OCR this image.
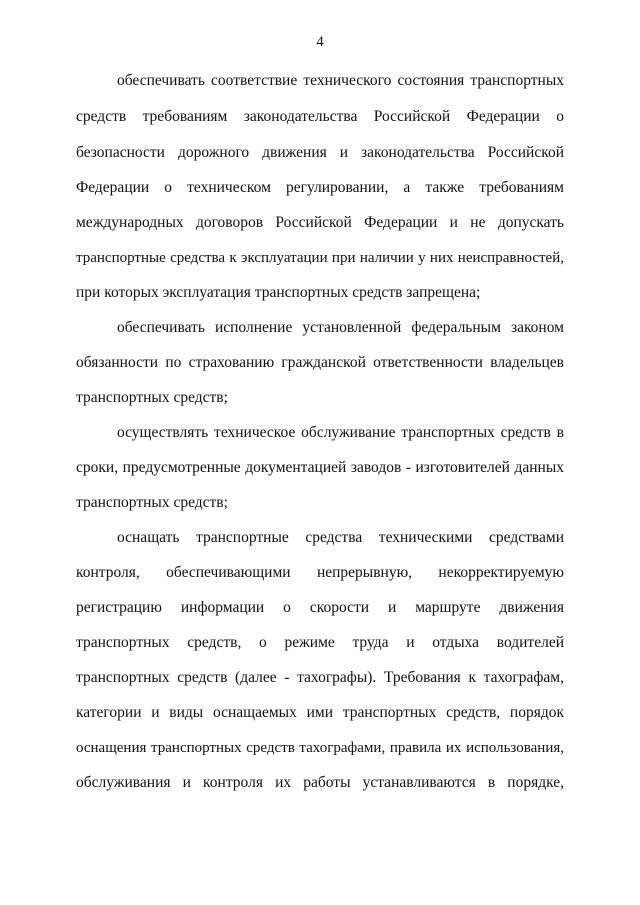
4
обеспечивать соответствие технического состояния транспортных
средств требованиям законодательства Российской Федерации о
безопасности дорожного движения и законодательства Российской
Федерации о техническом регулировании, а также требованиям
международных договоров Российской Федерации и не допускать
транспортные средства к эксплуатации при наличии у них неисправностей,
при которых эксплуатация транспортных средств запрещена;
обеспечивать исполнение установленной федеральным законом
обязанности по страхованию гражданской ответственности владельцев
транспортных средств;
осуществлять техническое обслуживание транспортных средств в
сроки, предусмотренные документацией заводов - изготовителей данных
транспортных средств;
оснащать транспортные средства техническими средствами
контроля, обеспечивающими непрерывную, некорректируемую
регистрацию информации о скорости и маршруте движения
транспортных средств, о режиме труда и отдыха водителей
транспортных средств (далее - тахографы). Требования к тахографам,
категории и виды оснащаемых ими транспортных средств, порядок
оснащения транспортных средств тахографами, правила их использования,
обслуживания и контроля их работы устанавливаются в порядке,
